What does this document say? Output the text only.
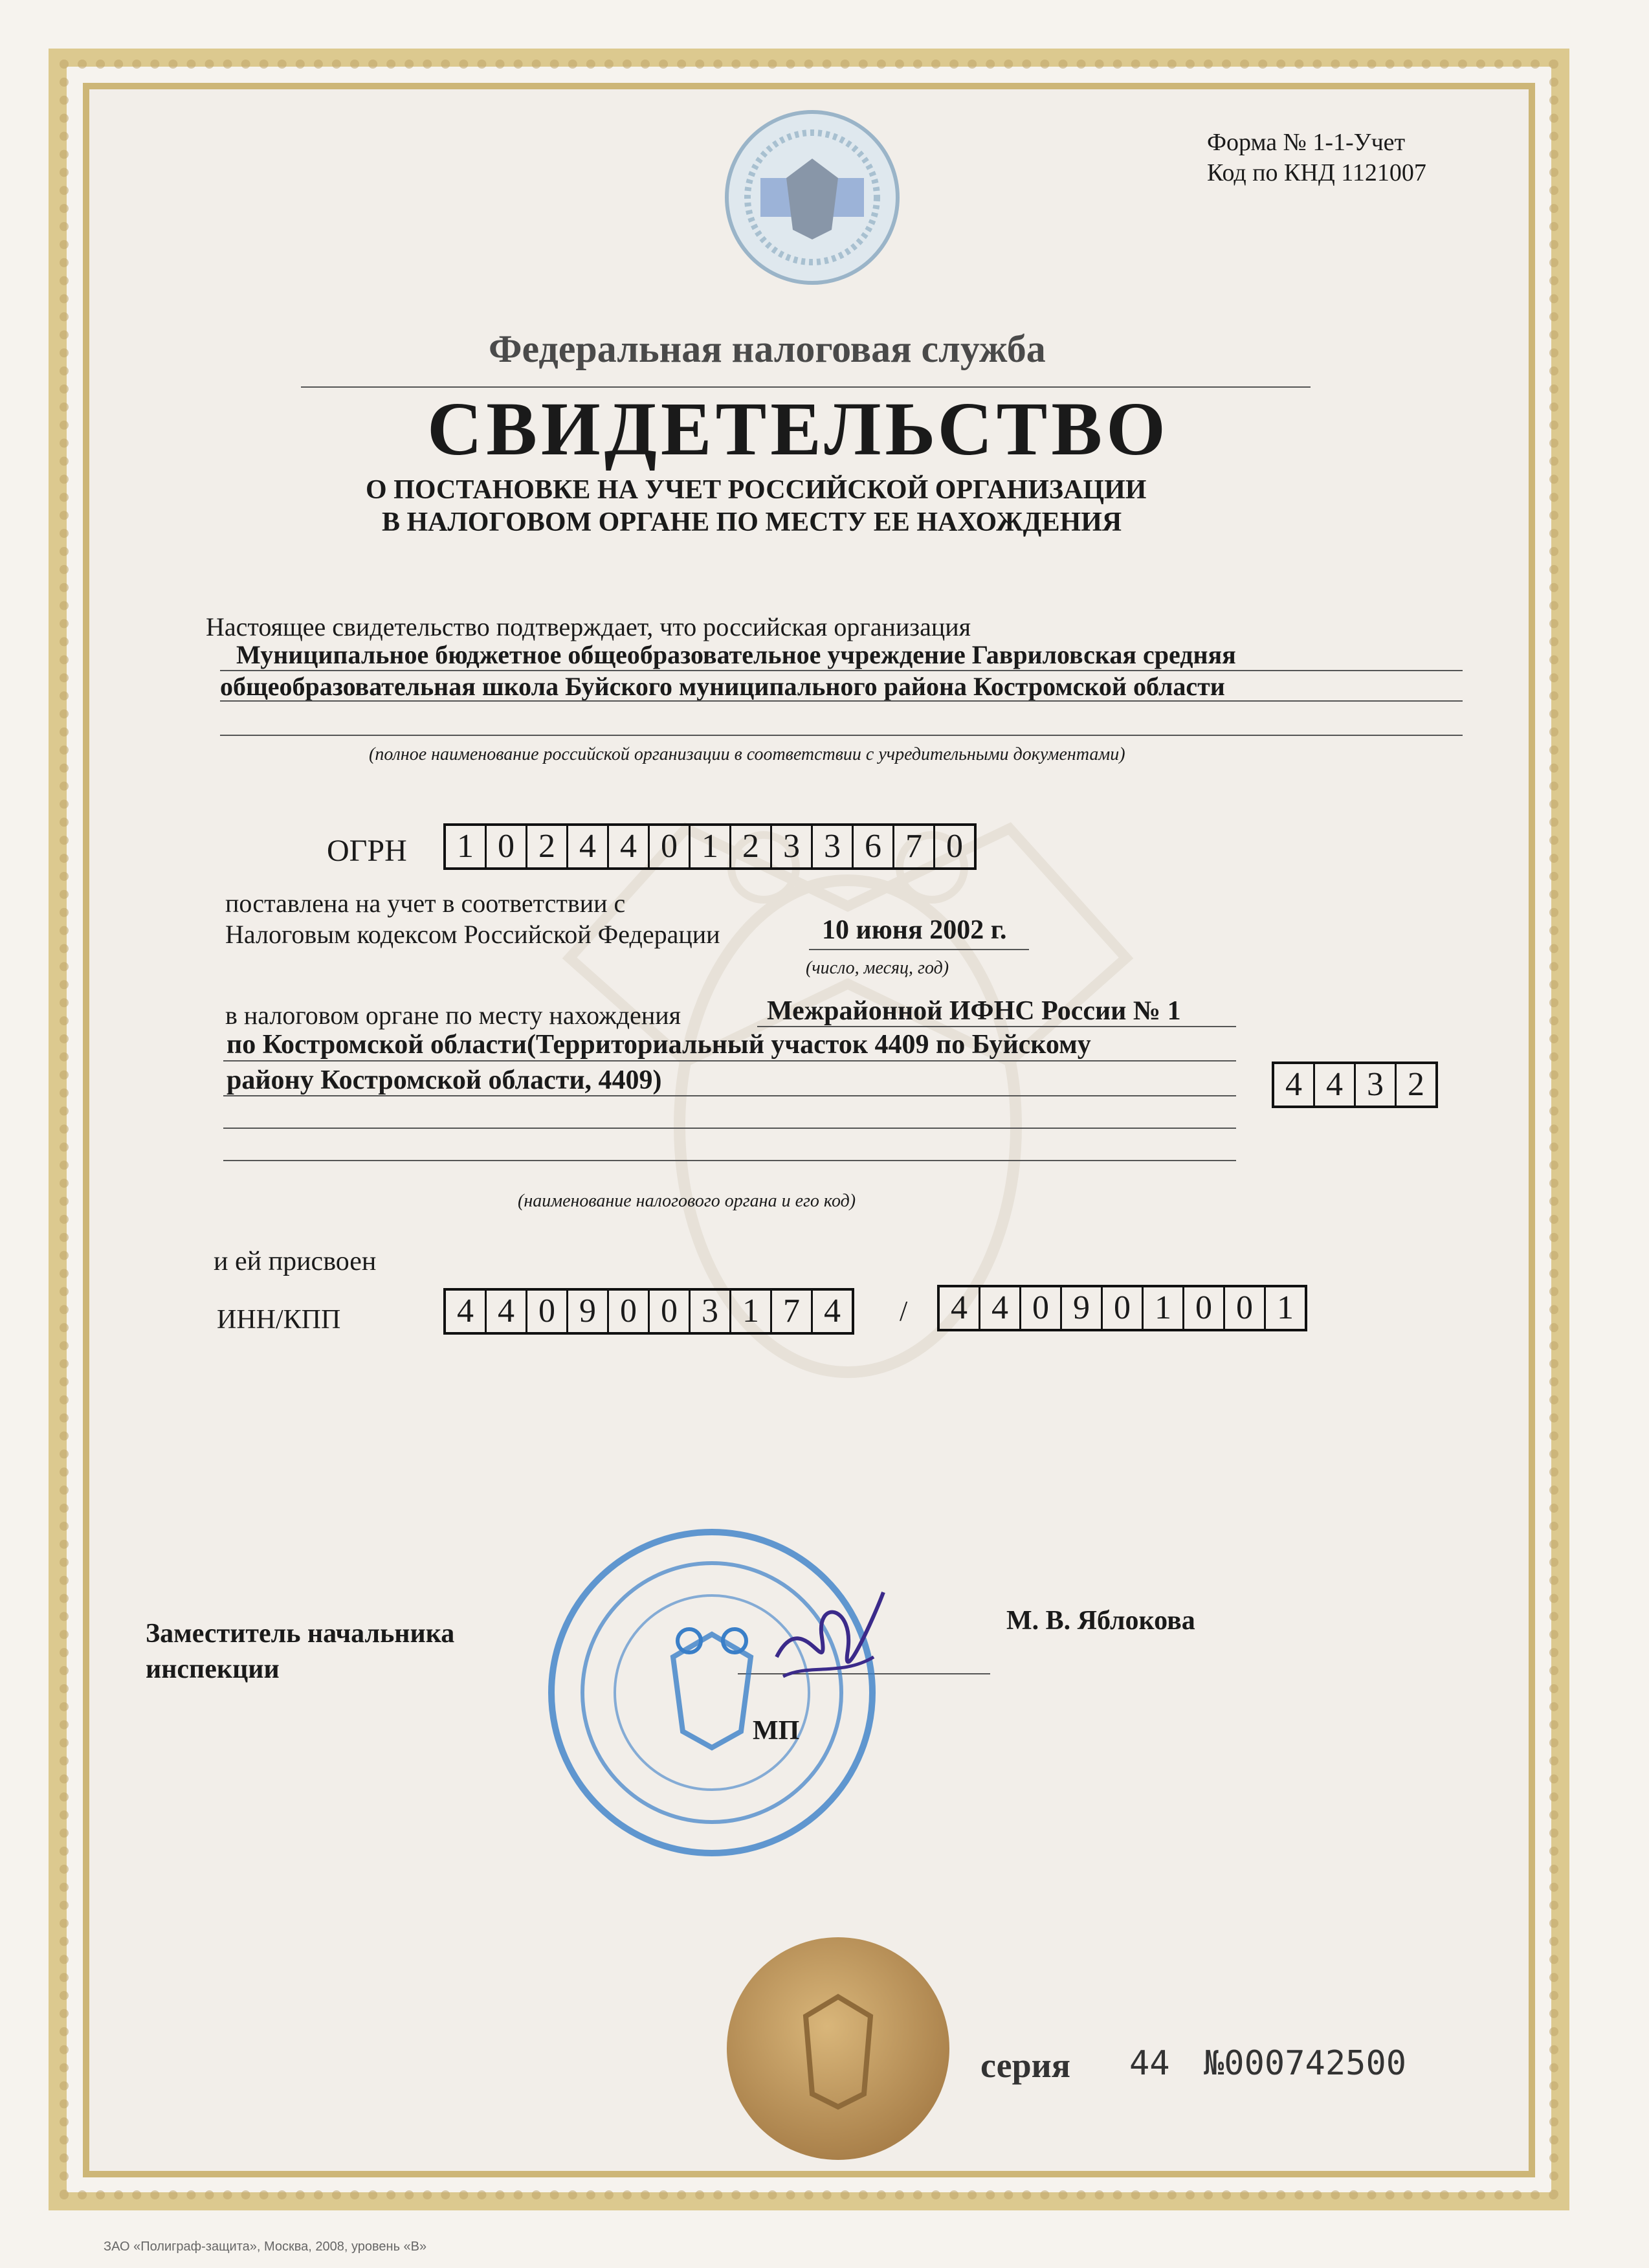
Форма № 1-1-Учет
Код по КНД 1121007
Федеральная налоговая служба
СВИДЕТЕЛЬСТВО
О ПОСТАНОВКЕ НА УЧЕТ РОССИЙСКОЙ ОРГАНИЗАЦИИ
В НАЛОГОВОМ ОРГАНЕ ПО МЕСТУ ЕЕ НАХОЖДЕНИЯ
Настоящее свидетельство подтверждает, что российская организация
Муниципальное бюджетное общеобразовательное учреждение Гавриловская средняя
общеобразовательная школа Буйского муниципального района Костромской области
(полное наименование российской организации в соответствии с учредительными документами)
ОГРН	1 0 2 4 4 0 1 2 3 3 6 7 0
поставлена на учет в соответствии с
Налоговым кодексом Российской Федерации	10 июня 2002 г.
(число, месяц, год)
в налоговом органе по месту нахождения	Межрайонной ИФНС России № 1
по Костромской области(Территориальный участок 4409 по Буйскому
району Костромской области, 4409)	4 4 3 2
(наименование налогового органа и его код)
и ей присвоен
ИНН/КПП	4 4 0 9 0 0 3 1 7 4	/	4 4 0 9 0 1 0 0 1
Заместитель начальника
инспекции
М. В. Яблокова
МП
серия 44 №000742500
ЗАО «Полиграф-защита», Москва, 2008, уровень «В»
